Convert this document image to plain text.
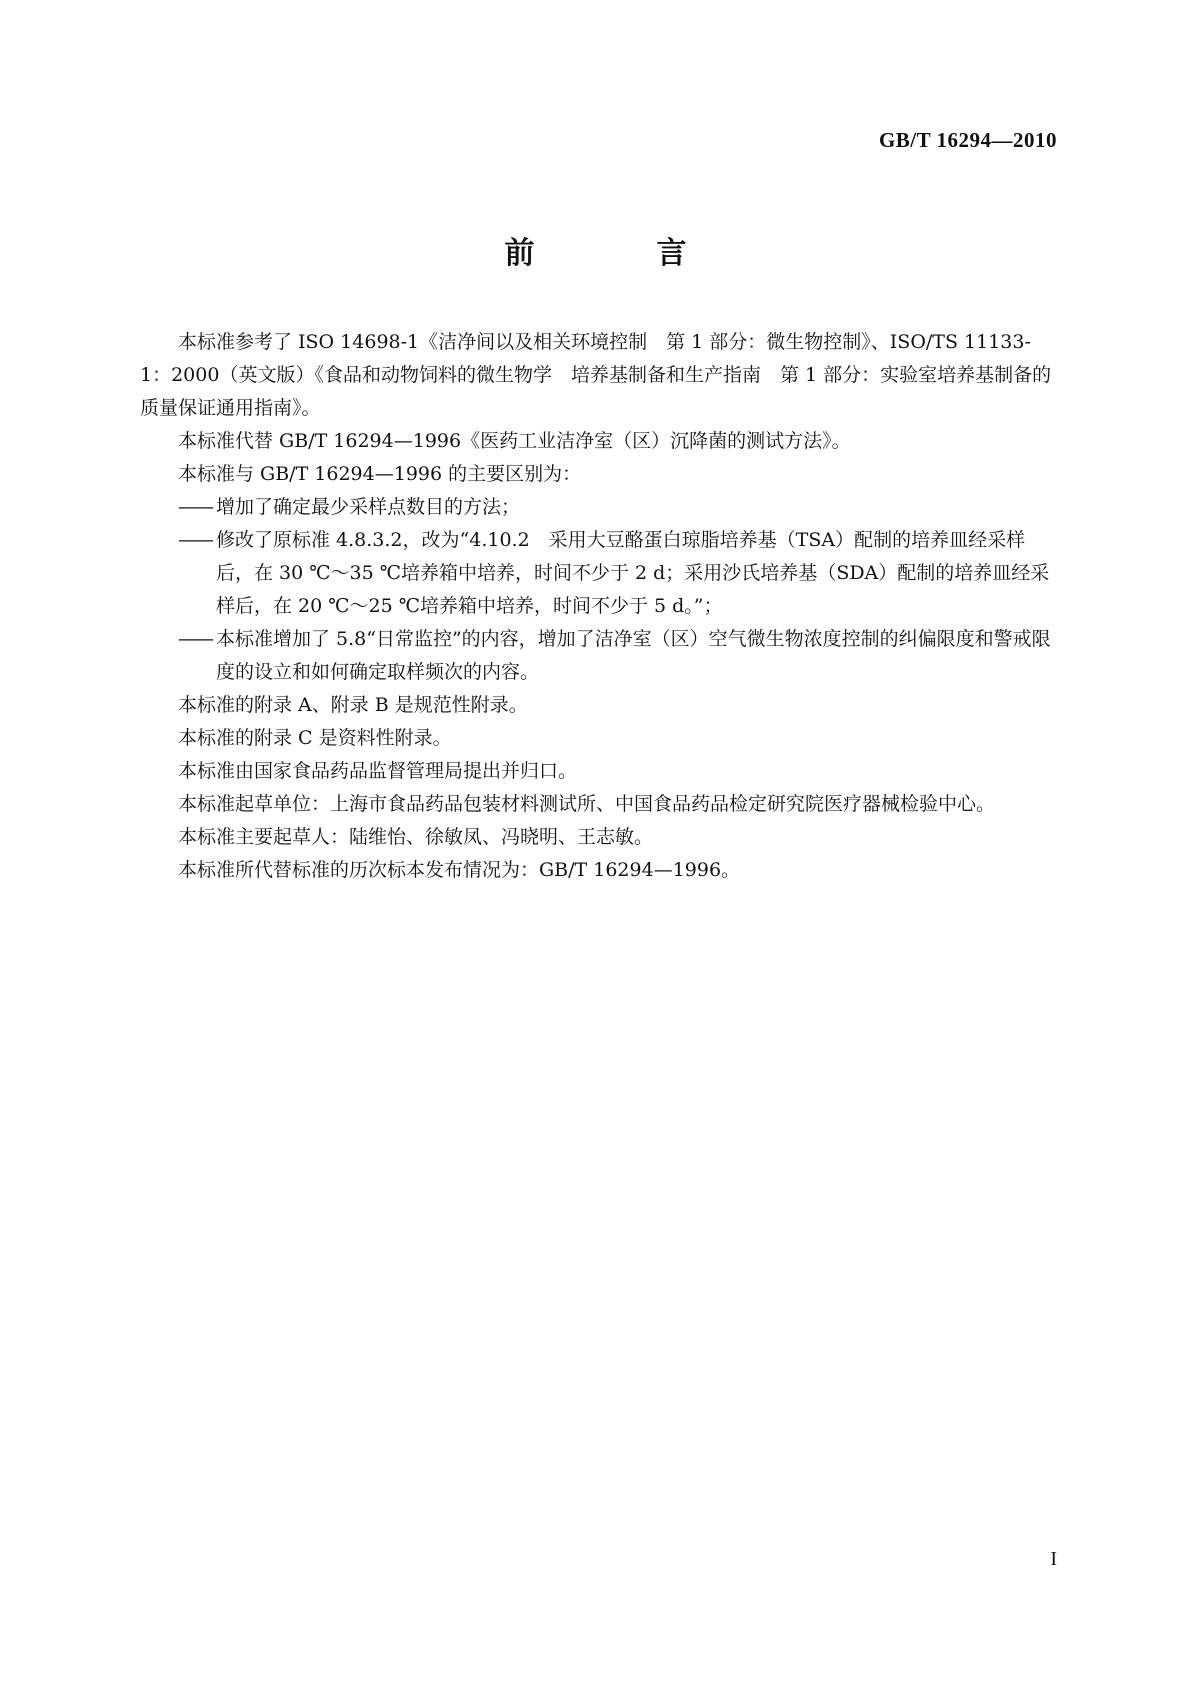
GB/T 16294—2010
前　言

本标准参考了 ISO 14698-1《洁净间以及相关环境控制　第 1 部分：微生物控制》、ISO/TS 11133-1：2000（英文版）《食品和动物饲料的微生物学　培养基制备和生产指南　第 1 部分：实验室培养基制备的质量保证通用指南》。

本标准代替 GB/T 16294—1996《医药工业洁净室（区）沉降菌的测试方法》。

本标准与 GB/T 16294—1996 的主要区别为：

—— 增加了确定最少采样点数目的方法；

—— 修改了原标准 4.8.3.2，改为“4.10.2　采用大豆酪蛋白琼脂培养基（TSA）配制的培养皿经采样后，在 30 ℃～35 ℃培养箱中培养，时间不少于 2 d；采用沙氏培养基（SDA）配制的培养皿经采样后，在 20 ℃～25 ℃培养箱中培养，时间不少于 5 d。”；

—— 本标准增加了 5.8“日常监控”的内容，增加了洁净室（区）空气微生物浓度控制的纠偏限度和警戒限度的设立和如何确定取样频次的内容。

本标准的附录 A、附录 B 是规范性附录。

本标准的附录 C 是资料性附录。

本标准由国家食品药品监督管理局提出并归口。

本标准起草单位：上海市食品药品包装材料测试所、中国食品药品检定研究院医疗器械检验中心。

本标准主要起草人：陆维怡、徐敏凤、冯晓明、王志敏。

本标准所代替标准的历次标本发布情况为：GB/T 16294—1996。

I
